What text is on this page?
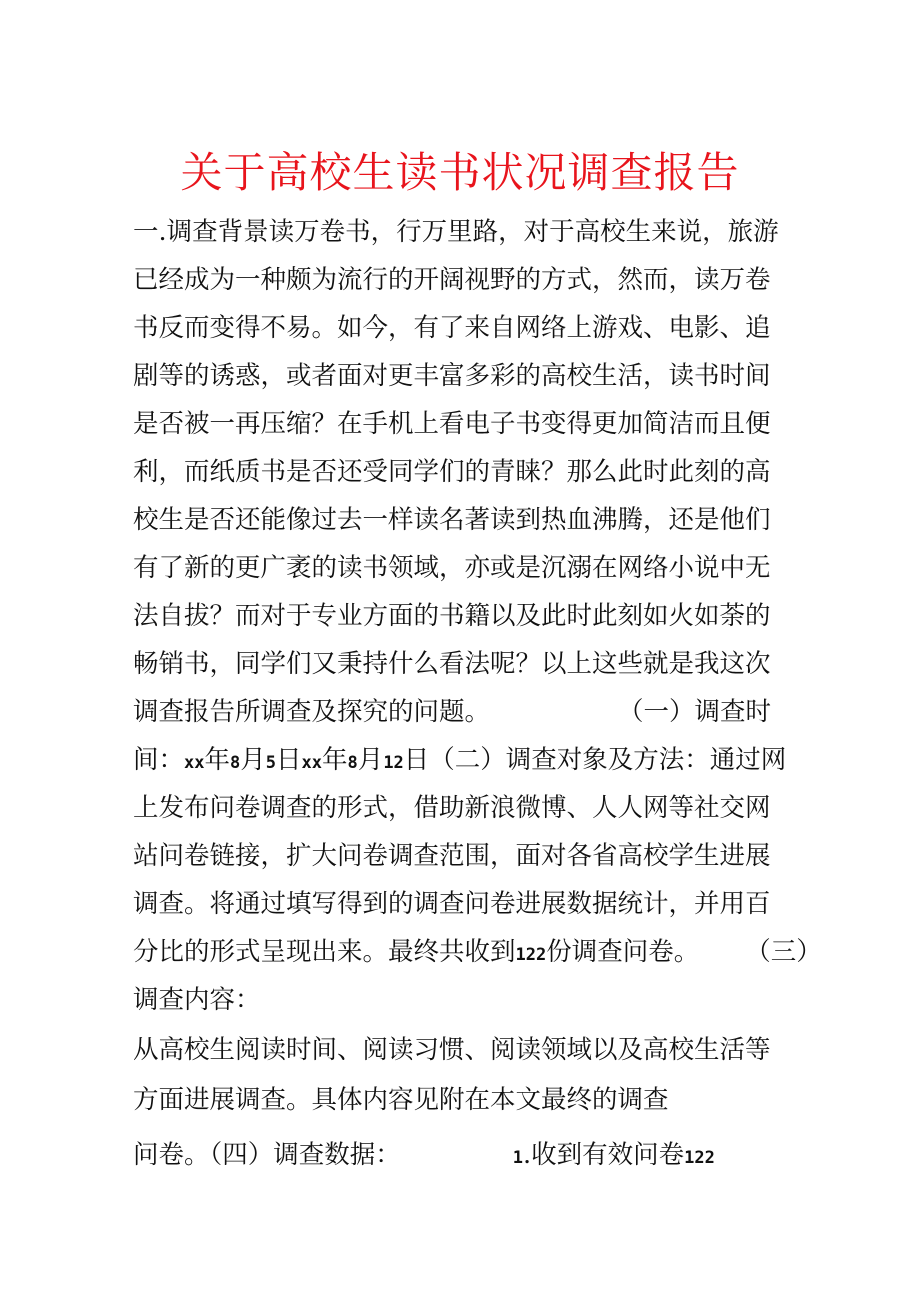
关于高校生读书状况调查报告
一.调查背景读万卷书，行万里路，对于高校生来说，旅游
已经成为一种颇为流行的开阔视野的方式，然而，读万卷
书反而变得不易。如今，有了来自网络上游戏、电影、追
剧等的诱惑，或者面对更丰富多彩的高校生活，读书时间
是否被一再压缩？在手机上看电子书变得更加简洁而且便
利，而纸质书是否还受同学们的青睐？那么此时此刻的高
校生是否还能像过去一样读名著读到热血沸腾，还是他们
有了新的更广袤的读书领域，亦或是沉溺在网络小说中无
法自拔？而对于专业方面的书籍以及此时此刻如火如荼的
畅销书，同学们又秉持什么看法呢？以上这些就是我这次
调查报告所调查及探究的问题。	（一）调查时
间：xx年8月5日xx年8月12日（二）调查对象及方法：通过网
上发布问卷调查的形式，借助新浪微博、人人网等社交网
站问卷链接，扩大问卷调查范围，面对各省高校学生进展
调查。将通过填写得到的调查问卷进展数据统计，并用百
分比的形式呈现出来。最终共收到122份调查问卷。 （三）
调查内容：
从高校生阅读时间、阅读习惯、阅读领域以及高校生活等
方面进展调查。具体内容见附在本文最终的调查
问卷。（四）调查数据：	1.收到有效问卷122
